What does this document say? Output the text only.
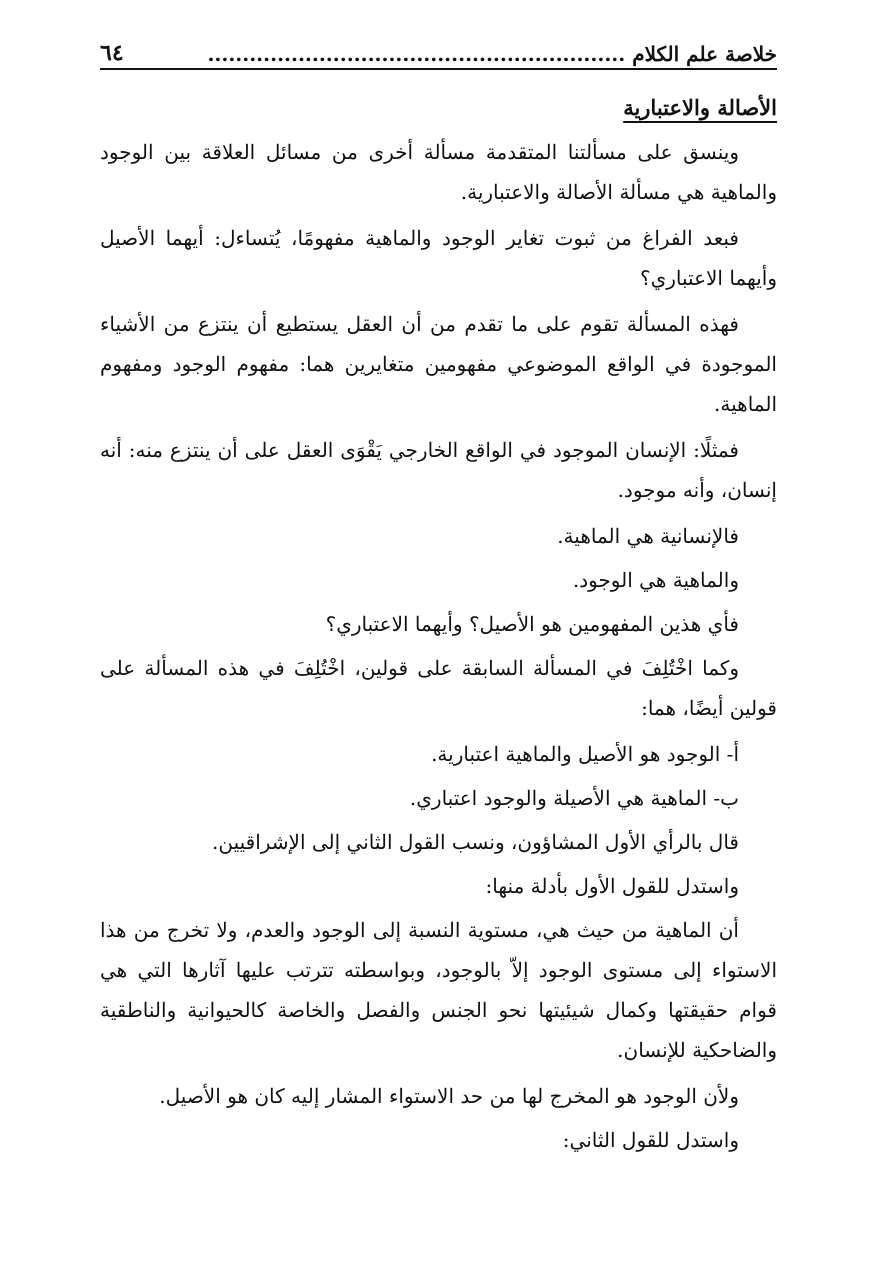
خلاصة علم الكلام ............................................................
٦٤
الأصالة والاعتبارية

وينسق على مسألتنا المتقدمة مسألة أخرى من مسائل العلاقة بين الوجود والماهية هي مسألة الأصالة والاعتبارية.

فبعد الفراغ من ثبوت تغاير الوجود والماهية مفهومًا، يُتساءل: أيهما الأصيل وأيهما الاعتباري؟

فهذه المسألة تقوم على ما تقدم من أن العقل يستطيع أن ينتزع من الأشياء الموجودة في الواقع الموضوعي مفهومين متغايرين هما: مفهوم الوجود ومفهوم الماهية.

فمثلًا: الإنسان الموجود في الواقع الخارجي يَقْوَى العقل على أن ينتزع منه: أنه إنسان، وأنه موجود.

فالإنسانية هي الماهية.

والماهية هي الوجود.

فأي هذين المفهومين هو الأصيل؟ وأيهما الاعتباري؟

وكما اخْتُلِفَ في المسألة السابقة على قولين، اخْتُلِفَ في هذه المسألة على قولين أيضًا، هما:

أ- الوجود هو الأصيل والماهية اعتبارية.

ب- الماهية هي الأصيلة والوجود اعتباري.

قال بالرأي الأول المشاؤون، ونسب القول الثاني إلى الإشراقيين.

واستدل للقول الأول بأدلة منها:

أن الماهية من حيث هي، مستوية النسبة إلى الوجود والعدم، ولا تخرج من هذا الاستواء إلى مستوى الوجود إلاّ بالوجود، وبواسطته تترتب عليها آثارها التي هي قوام حقيقتها وكمال شيئيتها نحو الجنس والفصل والخاصة كالحيوانية والناطقية والضاحكية للإنسان.

ولأن الوجود هو المخرج لها من حد الاستواء المشار إليه كان هو الأصيل.

واستدل للقول الثاني:
